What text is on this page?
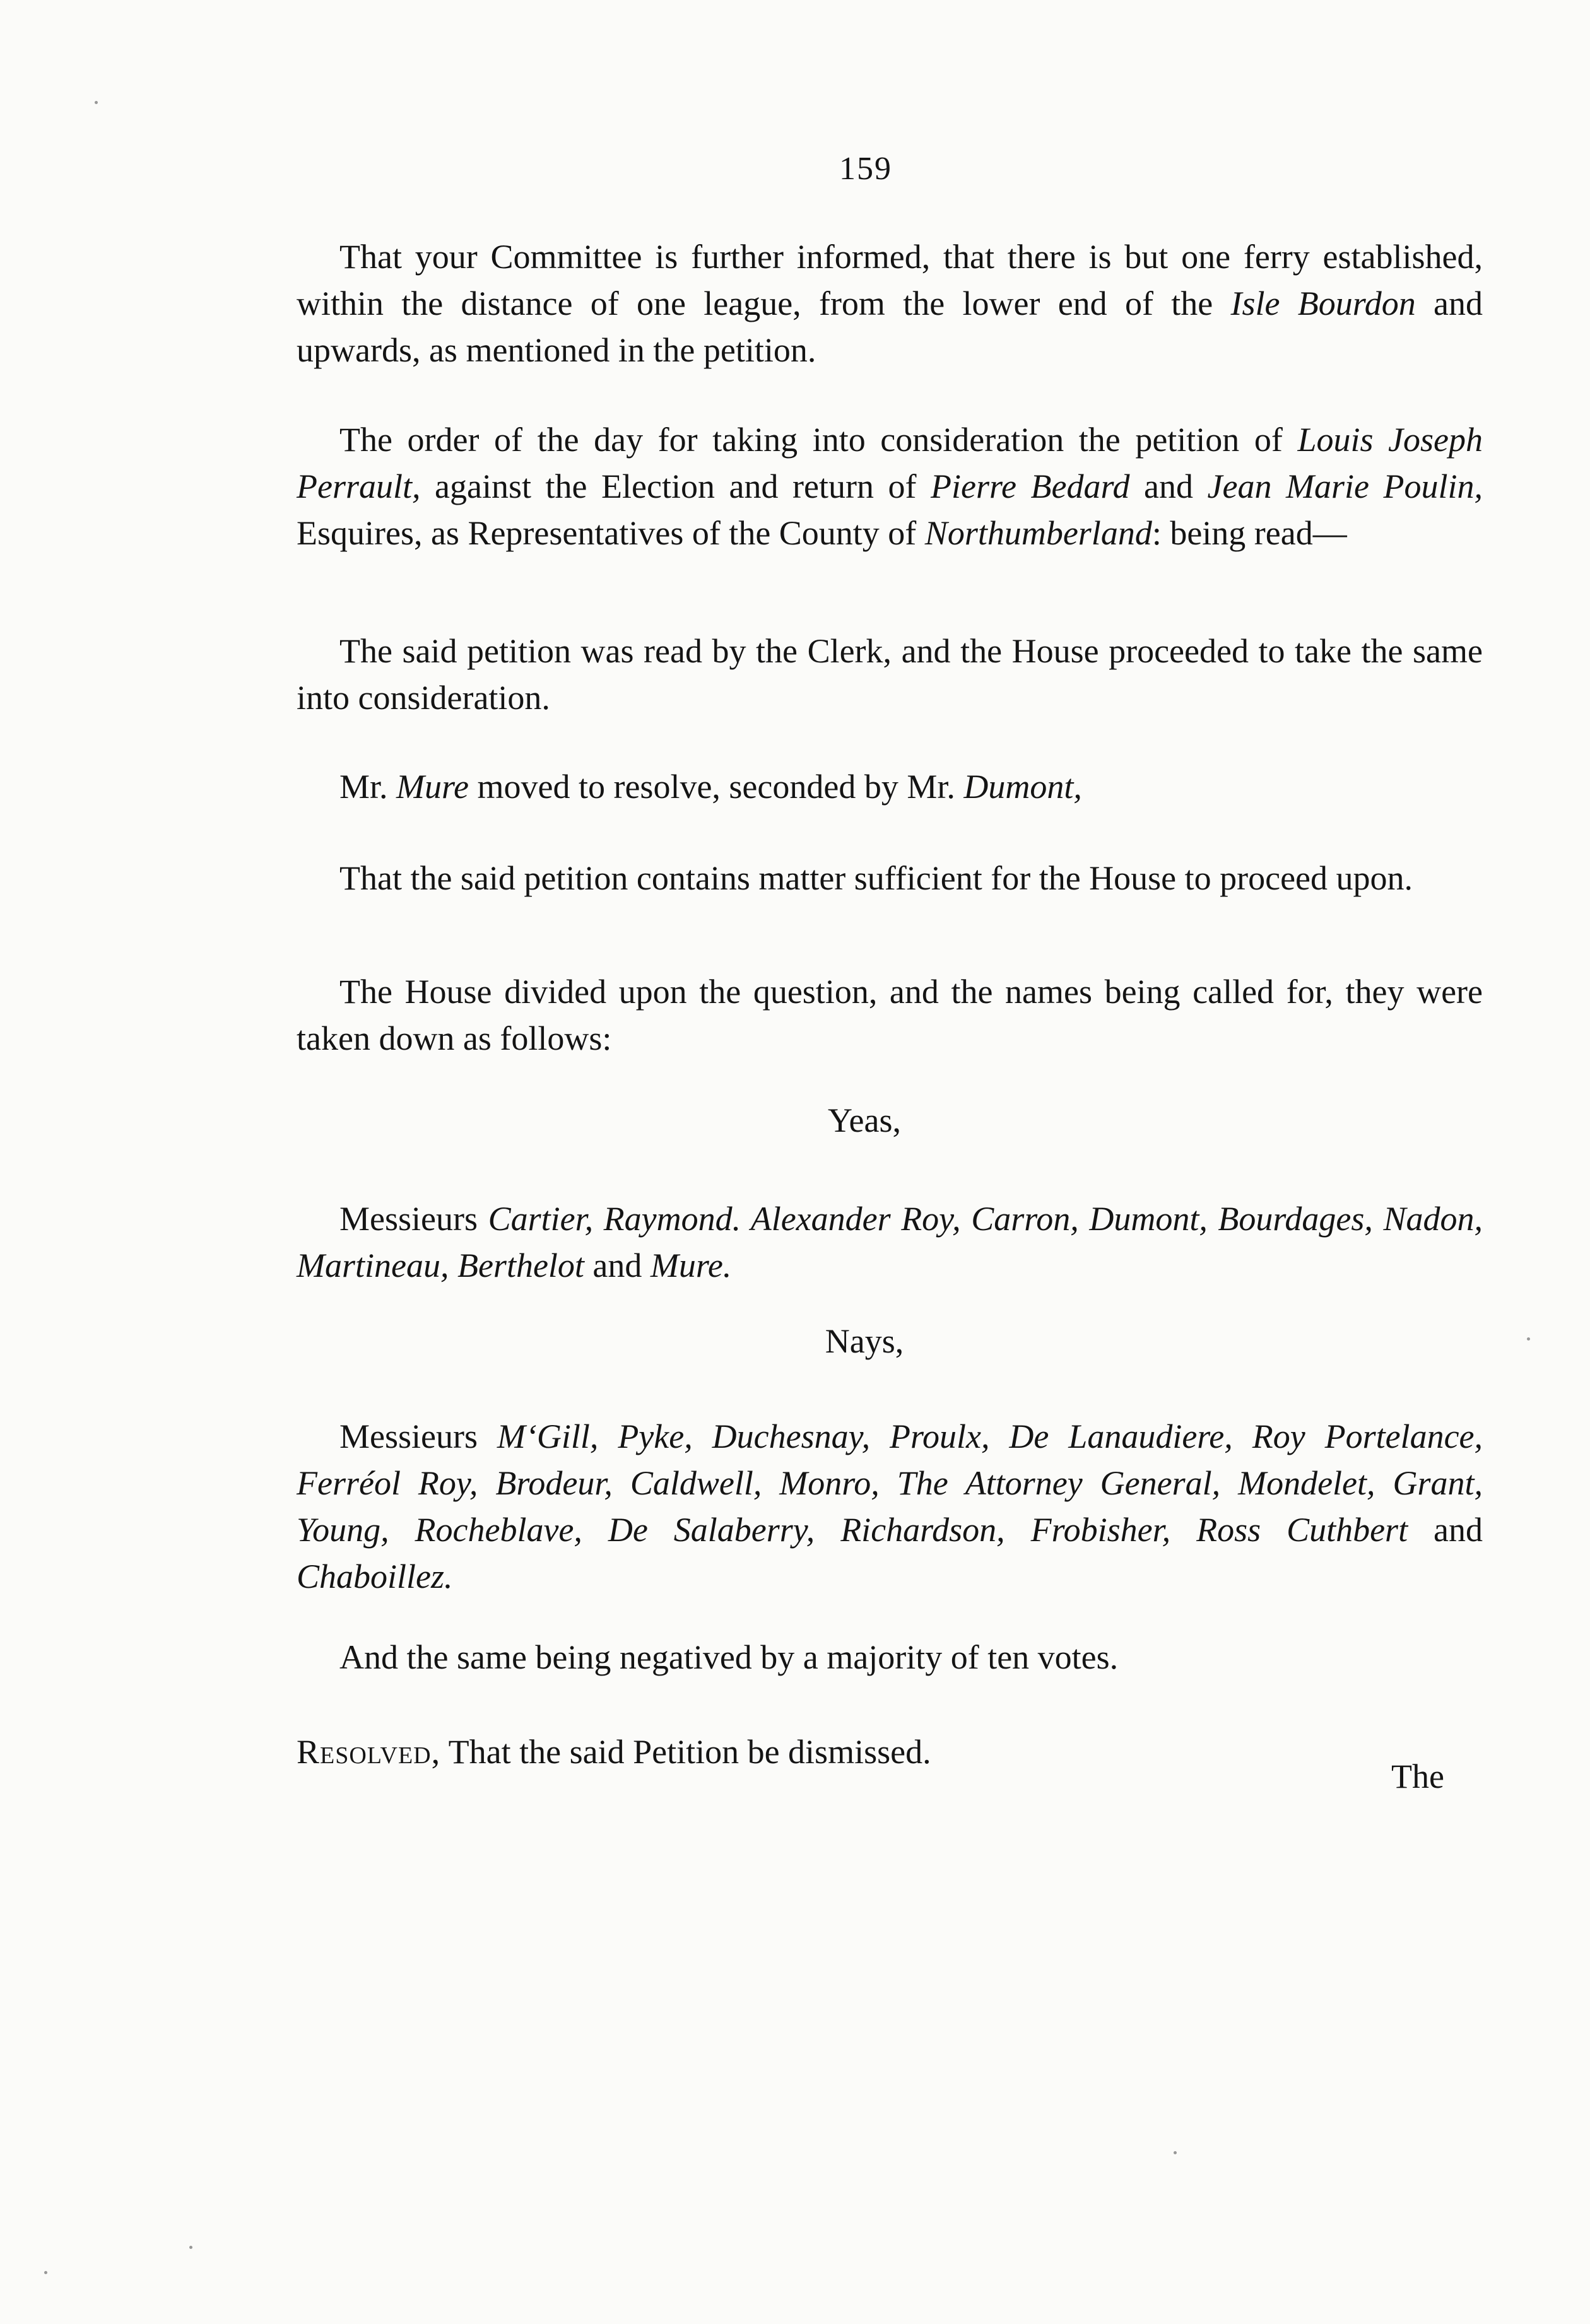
159
That your Committee is further informed, that there is but one ferry established, within the distance of one league, from the lower end of the Isle Bourdon and upwards, as mentioned in the petition.
The order of the day for taking into consideration the petition of Louis Joseph Perrault, against the Election and return of Pierre Bedard and Jean Marie Poulin, Esquires, as Representatives of the County of Northumberland: being read—
The said petition was read by the Clerk, and the House proceeded to take the same into consideration.
Mr. Mure moved to resolve, seconded by Mr. Dumont,
That the said petition contains matter sufficient for the House to proceed upon.
The House divided upon the question, and the names being called for, they were taken down as follows:
Yeas,
Messieurs Cartier, Raymond. Alexander Roy, Carron, Dumont, Bourdages, Nadon, Martineau, Berthelot and Mure.
Nays,
Messieurs M‘Gill, Pyke, Duchesnay, Proulx, De Lanaudiere, Roy Portelance, Ferréol Roy, Brodeur, Caldwell, Monro, The Attorney General, Mondelet, Grant, Young, Rocheblave, De Salaberry, Richardson, Frobisher, Ross Cuthbert and Chaboillez.
And the same being negatived by a majority of ten votes.
Resolved, That the said Petition be dismissed.
The
